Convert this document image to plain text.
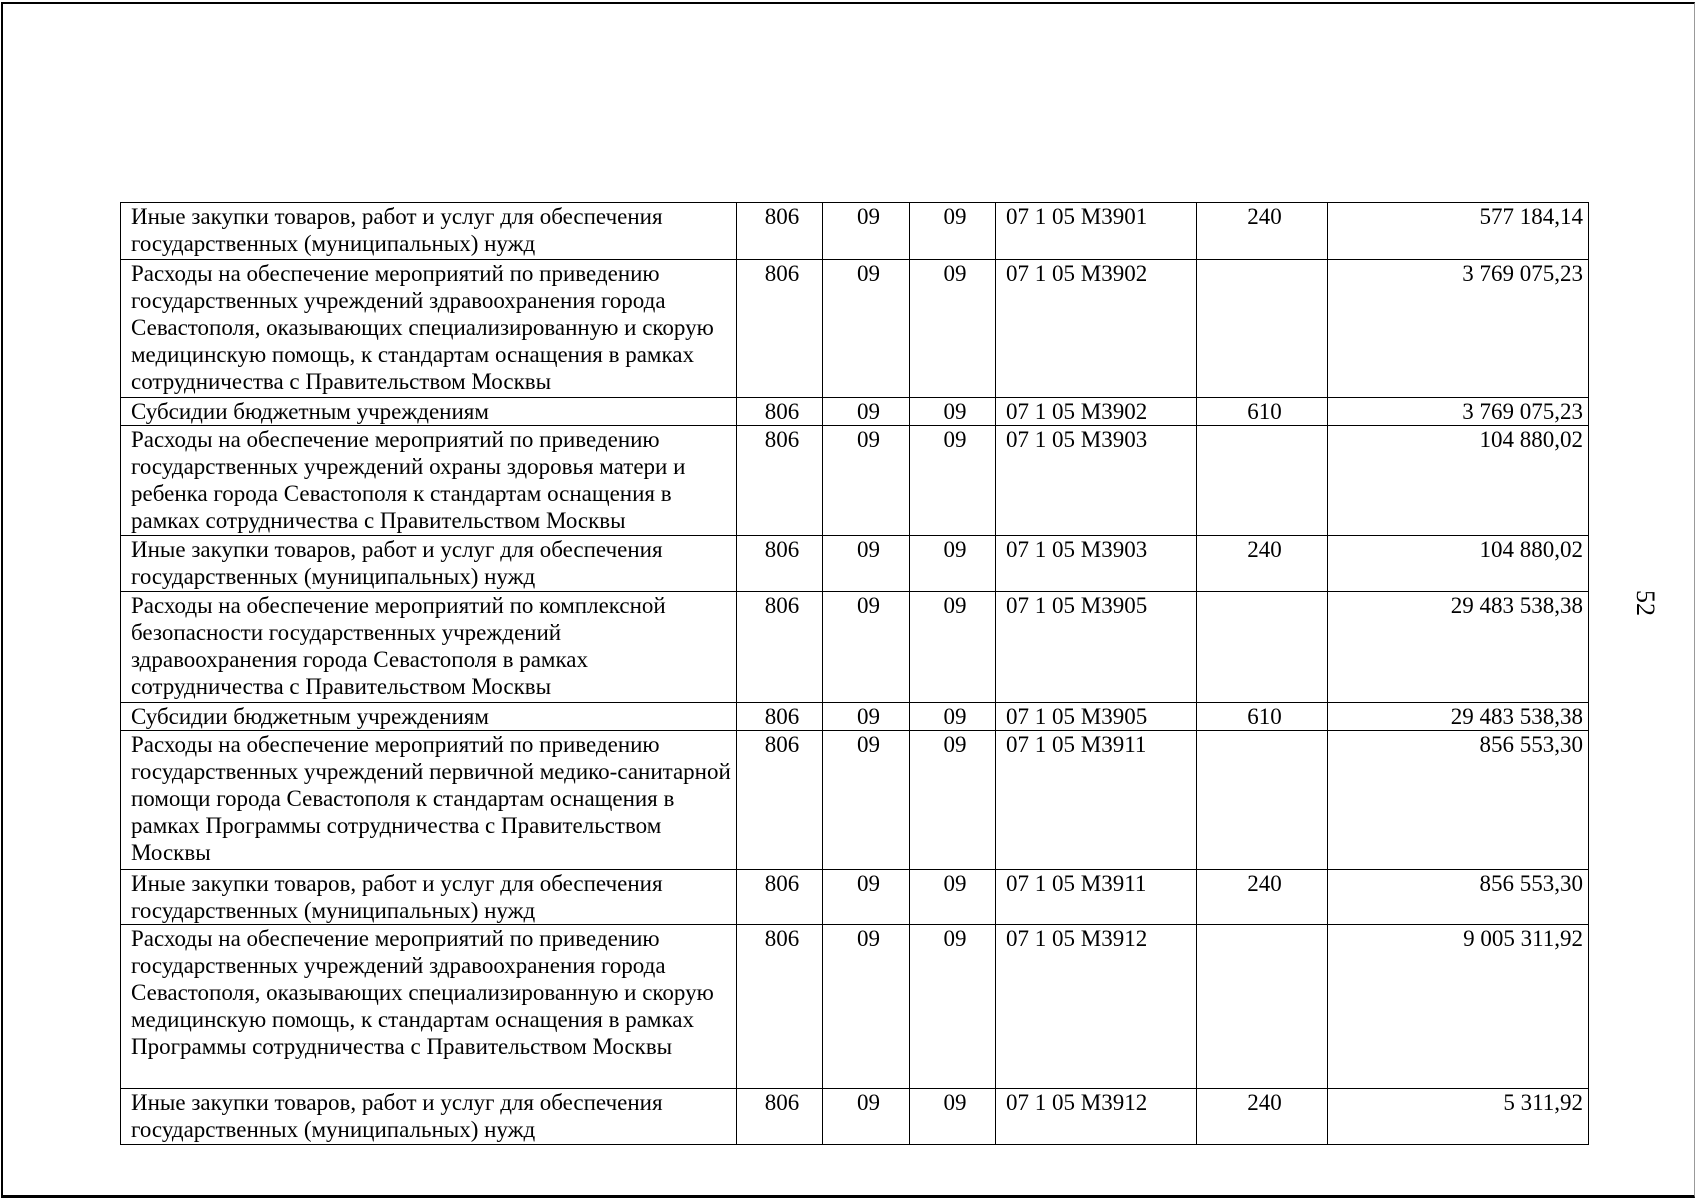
Иные закупки товаров, работ и услуг для обеспечения государственных (муниципальных) нужд	806	09	09	07 1 05 M3901	240	577 184,14
Расходы на обеспечение мероприятий по приведению государственных учреждений здравоохранения города Севастополя, оказывающих специализированную и скорую медицинскую помощь, к стандартам оснащения в рамках сотрудничества с Правительством Москвы	806	09	09	07 1 05 M3902		3 769 075,23
Субсидии бюджетным учреждениям	806	09	09	07 1 05 M3902	610	3 769 075,23
Расходы на обеспечение мероприятий по приведению государственных учреждений охраны здоровья матери и ребенка города Севастополя к стандартам оснащения в рамках сотрудничества с Правительством Москвы	806	09	09	07 1 05 M3903		104 880,02
Иные закупки товаров, работ и услуг для обеспечения государственных (муниципальных) нужд	806	09	09	07 1 05 M3903	240	104 880,02
Расходы на обеспечение мероприятий по комплексной безопасности государственных учреждений здравоохранения города Севастополя в рамках сотрудничества с Правительством Москвы	806	09	09	07 1 05 M3905		29 483 538,38
Субсидии бюджетным учреждениям	806	09	09	07 1 05 M3905	610	29 483 538,38
Расходы на обеспечение мероприятий по приведению государственных учреждений первичной медико-санитарной помощи города Севастополя к стандартам оснащения в рамках Программы сотрудничества с Правительством Москвы	806	09	09	07 1 05 M3911		856 553,30
Иные закупки товаров, работ и услуг для обеспечения государственных (муниципальных) нужд	806	09	09	07 1 05 M3911	240	856 553,30
Расходы на обеспечение мероприятий по приведению государственных учреждений здравоохранения города Севастополя, оказывающих специализированную и скорую медицинскую помощь, к стандартам оснащения в рамках Программы сотрудничества с Правительством Москвы	806	09	09	07 1 05 M3912		9 005 311,92
Иные закупки товаров, работ и услуг для обеспечения государственных (муниципальных) нужд	806	09	09	07 1 05 M3912	240	5 311,92
52
